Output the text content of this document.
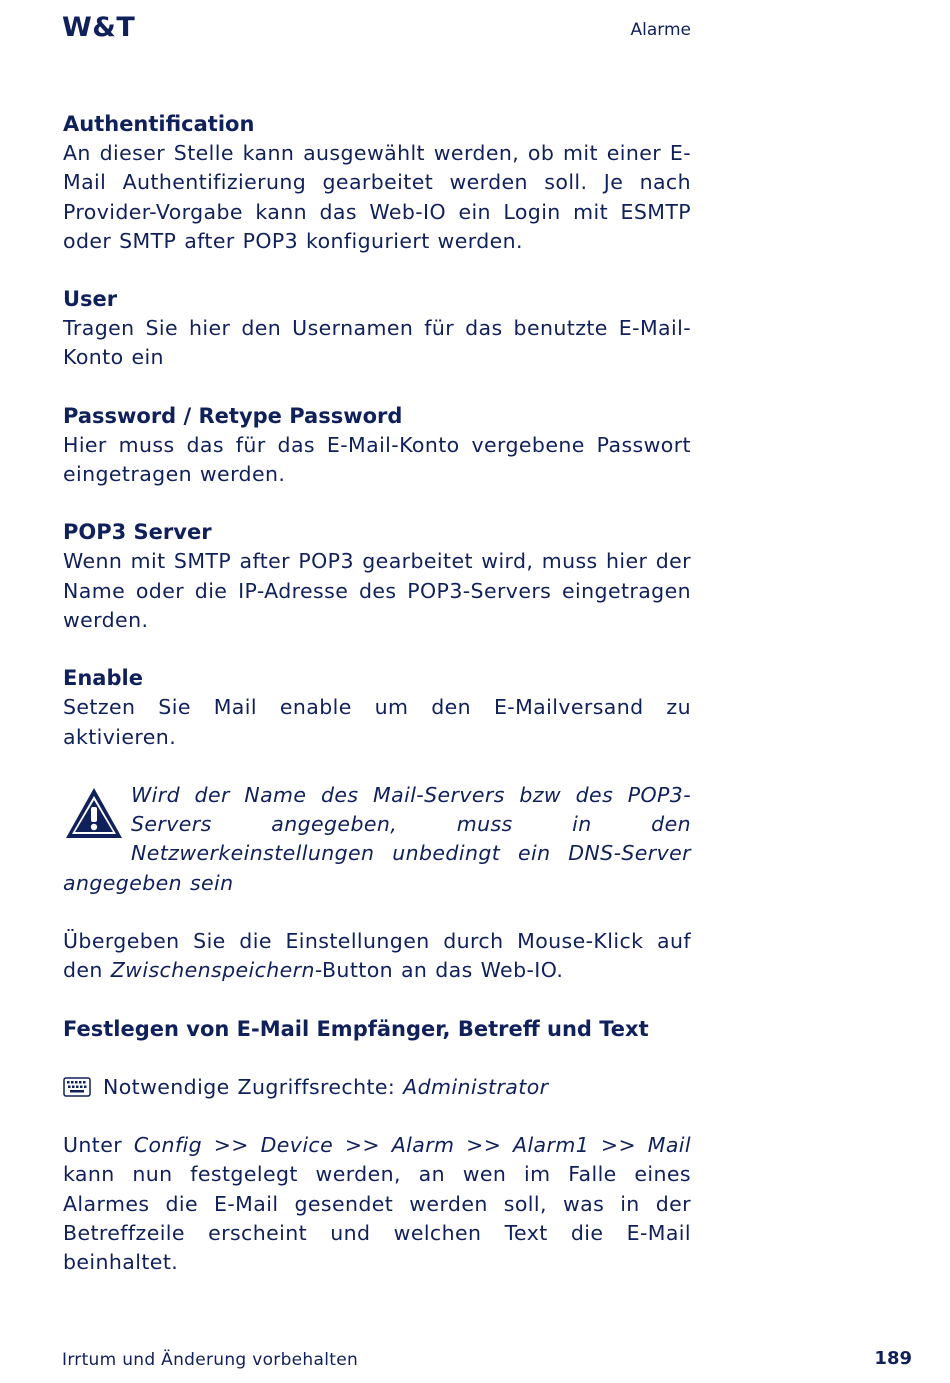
W&T	Alarme
Authentification
An dieser Stelle kann ausgewählt werden, ob mit einer E-Mail Authentifizierung gearbeitet werden soll. Je nach Provider-Vorgabe kann das Web-IO ein Login mit ESMTP oder SMTP after POP3 konfiguriert werden.
User
Tragen Sie hier den Usernamen für das benutzte E-Mail-Konto ein
Password / Retype Password
Hier muss das für das E-Mail-Konto vergebene Passwort eingetragen werden.
POP3 Server
Wenn mit SMTP after POP3 gearbeitet wird, muss hier der Name oder die IP-Adresse des POP3-Servers eingetragen werden.
Enable
Setzen Sie Mail enable um den E-Mailversand zu aktivieren.
Wird der Name des Mail-Servers bzw des POP3-Servers angegeben, muss in den Netzwerkeinstellungen unbedingt ein DNS-Server angegeben sein
Übergeben Sie die Einstellungen durch Mouse-Klick auf den Zwischenspeichern-Button an das Web-IO.
Festlegen von E-Mail Empfänger, Betreff und Text
Notwendige Zugriffsrechte: Administrator
Unter Config >> Device >> Alarm >> Alarm1 >> Mail kann nun festgelegt werden, an wen im Falle eines Alarmes die E-Mail gesendet werden soll, was in der Betreffzeile erscheint und welchen Text die E-Mail beinhaltet.
Irrtum und Änderung vorbehalten	189
